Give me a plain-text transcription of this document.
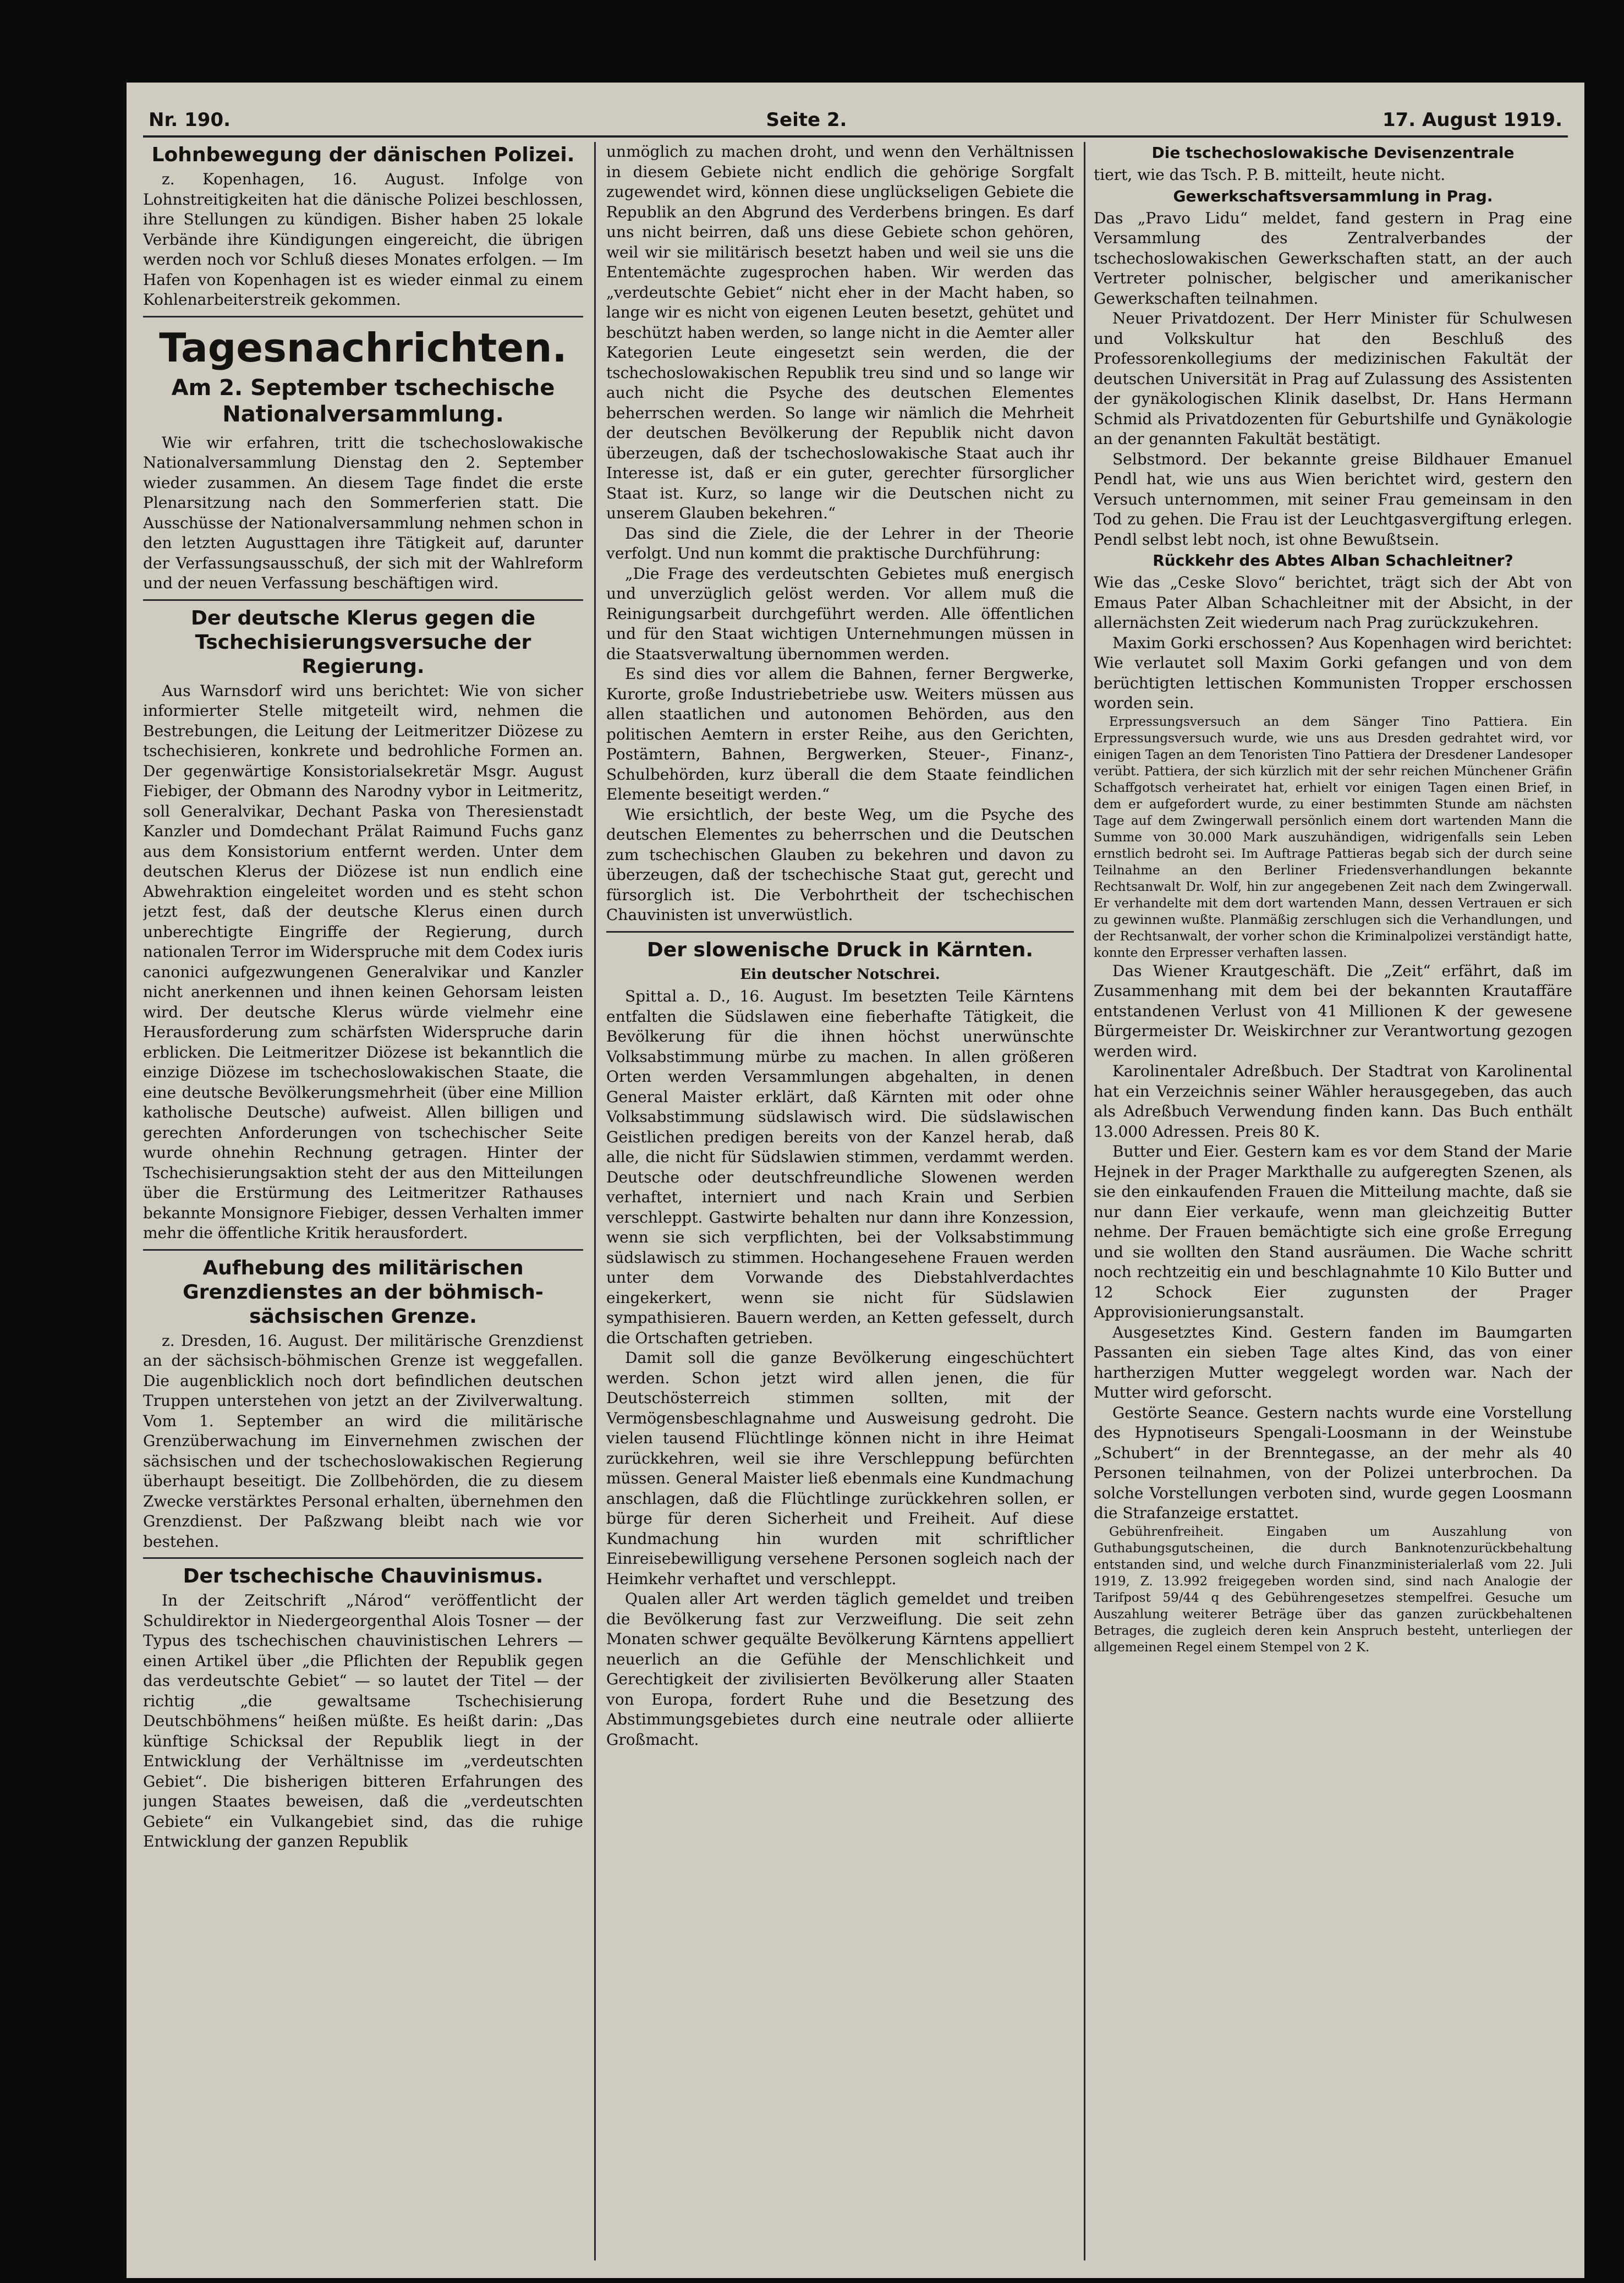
Nr. 190.	Seite 2.	17. August 1919.
Lohnbewegung der dänischen Polizei.

z. Kopenhagen, 16. August. Infolge von Lohnstreitigkeiten hat die dänische Polizei beschlossen, ihre Stellungen zu kündigen. Bisher haben 25 lokale Verbände ihre Kündigungen eingereicht, die übrigen werden noch vor Schluß dieses Monates erfolgen. — Im Hafen von Kopenhagen ist es wieder einmal zu einem Kohlenarbeiterstreik gekommen.

Tagesnachrichten.
Am 2. September tschechische Nationalversammlung.

Wie wir erfahren, tritt die tschechoslowakische Nationalversammlung Dienstag den 2. September wieder zusammen. An diesem Tage findet die erste Plenarsitzung nach den Sommerferien statt. Die Ausschüsse der Nationalversammlung nehmen schon in den letzten Augusttagen ihre Tätigkeit auf, darunter der Verfassungsausschuß, der sich mit der Wahlreform und der neuen Verfassung beschäftigen wird.

Der deutsche Klerus gegen die Tschechisierungsversuche der Regierung.

Aus Warnsdorf wird uns berichtet: Wie von sicher informierter Stelle mitgeteilt wird, nehmen die Bestrebungen, die Leitung der Leitmeritzer Diözese zu tschechisieren, konkrete und bedrohliche Formen an. Der gegenwärtige Konsistorialsekretär Msgr. August Fiebiger, der Obmann des Narodny vybor in Leitmeritz, soll Generalvikar, Dechant Paska von Theresienstadt Kanzler und Domdechant Prälat Raimund Fuchs ganz aus dem Konsistorium entfernt werden. Unter dem deutschen Klerus der Diözese ist nun endlich eine Abwehraktion eingeleitet worden und es steht schon jetzt fest, daß der deutsche Klerus einen durch unberechtigte Eingriffe der Regierung, durch nationalen Terror im Widerspruche mit dem Codex iuris canonici aufgezwungenen Generalvikar und Kanzler nicht anerkennen und ihnen keinen Gehorsam leisten wird. Der deutsche Klerus würde vielmehr eine Herausforderung zum schärfsten Widerspruche darin erblicken. Die Leitmeritzer Diözese ist bekanntlich die einzige Diözese im tschechoslowakischen Staate, die eine deutsche Bevölkerungsmehrheit (über eine Million katholische Deutsche) aufweist. Allen billigen und gerechten Anforderungen von tschechischer Seite wurde ohnehin Rechnung getragen. Hinter der Tschechisierungsaktion steht der aus den Mitteilungen über die Erstürmung des Leitmeritzer Rathauses bekannte Monsignore Fiebiger, dessen Verhalten immer mehr die öffentliche Kritik herausfordert.

Aufhebung des militärischen Grenzdienstes an der böhmisch-sächsischen Grenze.

z. Dresden, 16. August. Der militärische Grenzdienst an der sächsisch-böhmischen Grenze ist weggefallen. Die augenblicklich noch dort befindlichen deutschen Truppen unterstehen von jetzt an der Zivilverwaltung. Vom 1. September an wird die militärische Grenzüberwachung im Einvernehmen zwischen der sächsischen und der tschechoslowakischen Regierung überhaupt beseitigt. Die Zollbehörden, die zu diesem Zwecke verstärktes Personal erhalten, übernehmen den Grenzdienst. Der Paßzwang bleibt nach wie vor bestehen.

Der tschechische Chauvinismus.

In der Zeitschrift „Národ“ veröffentlicht der Schuldirektor in Niedergeorgenthal Alois Tosner — der Typus des tschechischen chauvinistischen Lehrers — einen Artikel über „die Pflichten der Republik gegen das verdeutschte Gebiet“ — so lautet der Titel — der richtig „die gewaltsame Tschechisierung Deutschböhmens“ heißen müßte. Es heißt darin: „Das künftige Schicksal der Republik liegt in der Entwicklung der Verhältnisse im „verdeutschten Gebiet“. Die bisherigen bitteren Erfahrungen des jungen Staates beweisen, daß die „verdeutschten Gebiete“ ein Vulkangebiet sind, das die ruhige Entwicklung der ganzen Republik

unmöglich zu machen droht, und wenn den Verhältnissen in diesem Gebiete nicht endlich die gehörige Sorgfalt zugewendet wird, können diese unglückseligen Gebiete die Republik an den Abgrund des Verderbens bringen. Es darf uns nicht beirren, daß uns diese Gebiete schon gehören, weil wir sie militärisch besetzt haben und weil sie uns die Ententemächte zugesprochen haben. Wir werden das „verdeutschte Gebiet“ nicht eher in der Macht haben, so lange wir es nicht von eigenen Leuten besetzt, gehütet und beschützt haben werden, so lange nicht in die Aemter aller Kategorien Leute eingesetzt sein werden, die der tschechoslowakischen Republik treu sind und so lange wir auch nicht die Psyche des deutschen Elementes beherrschen werden. So lange wir nämlich die Mehrheit der deutschen Bevölkerung der Republik nicht davon überzeugen, daß der tschechoslowakische Staat auch ihr Interesse ist, daß er ein guter, gerechter fürsorglicher Staat ist. Kurz, so lange wir die Deutschen nicht zu unserem Glauben bekehren.“

Das sind die Ziele, die der Lehrer in der Theorie verfolgt. Und nun kommt die praktische Durchführung:

„Die Frage des verdeutschten Gebietes muß energisch und unverzüglich gelöst werden. Vor allem muß die Reinigungsarbeit durchgeführt werden. Alle öffentlichen und für den Staat wichtigen Unternehmungen müssen in die Staatsverwaltung übernommen werden.

Es sind dies vor allem die Bahnen, ferner Bergwerke, Kurorte, große Industriebetriebe usw. Weiters müssen aus allen staatlichen und autonomen Behörden, aus den politischen Aemtern in erster Reihe, aus den Gerichten, Postämtern, Bahnen, Bergwerken, Steuer-, Finanz-, Schulbehörden, kurz überall die dem Staate feindlichen Elemente beseitigt werden.“

Wie ersichtlich, der beste Weg, um die Psyche des deutschen Elementes zu beherrschen und die Deutschen zum tschechischen Glauben zu bekehren und davon zu überzeugen, daß der tschechische Staat gut, gerecht und fürsorglich ist. Die Verbohrtheit der tschechischen Chauvinisten ist unverwüstlich.

Der slowenische Druck in Kärnten.
Ein deutscher Notschrei.

Spittal a. D., 16. August. Im besetzten Teile Kärntens entfalten die Südslawen eine fieberhafte Tätigkeit, die Bevölkerung für die ihnen höchst unerwünschte Volksabstimmung mürbe zu machen. In allen größeren Orten werden Versammlungen abgehalten, in denen General Maister erklärt, daß Kärnten mit oder ohne Volksabstimmung südslawisch wird. Die südslawischen Geistlichen predigen bereits von der Kanzel herab, daß alle, die nicht für Südslawien stimmen, verdammt werden. Deutsche oder deutschfreundliche Slowenen werden verhaftet, interniert und nach Krain und Serbien verschleppt. Gastwirte behalten nur dann ihre Konzession, wenn sie sich verpflichten, bei der Volksabstimmung südslawisch zu stimmen. Hochangesehene Frauen werden unter dem Vorwande des Diebstahlverdachtes eingekerkert, wenn sie nicht für Südslawien sympathisieren. Bauern werden, an Ketten gefesselt, durch die Ortschaften getrieben.

Damit soll die ganze Bevölkerung eingeschüchtert werden. Schon jetzt wird allen jenen, die für Deutschösterreich stimmen sollten, mit der Vermögensbeschlagnahme und Ausweisung gedroht. Die vielen tausend Flüchtlinge können nicht in ihre Heimat zurückkehren, weil sie ihre Verschleppung befürchten müssen. General Maister ließ ebenmals eine Kundmachung anschlagen, daß die Flüchtlinge zurückkehren sollen, er bürge für deren Sicherheit und Freiheit. Auf diese Kundmachung hin wurden mit schriftlicher Einreisebewilligung versehene Personen sogleich nach der Heimkehr verhaftet und verschleppt.

Qualen aller Art werden täglich gemeldet und treiben die Bevölkerung fast zur Verzweiflung. Die seit zehn Monaten schwer gequälte Bevölkerung Kärntens appelliert neuerlich an die Gefühle der Menschlichkeit und Gerechtigkeit der zivilisierten Bevölkerung aller Staaten von Europa, fordert Ruhe und die Besetzung des Abstimmungsgebietes durch eine neutrale oder alliierte Großmacht.

Die tschechoslowakische Devisenzentrale

tiert, wie das Tsch. P. B. mitteilt, heute nicht.

Gewerkschaftsversammlung in Prag.

Das „Pravo Lidu“ meldet, fand gestern in Prag eine Versammlung des Zentralverbandes der tschechoslowakischen Gewerkschaften statt, an der auch Vertreter polnischer, belgischer und amerikanischer Gewerkschaften teilnahmen.

Neuer Privatdozent. Der Herr Minister für Schulwesen und Volkskultur hat den Beschluß des Professorenkollegiums der medizinischen Fakultät der deutschen Universität in Prag auf Zulassung des Assistenten der gynäkologischen Klinik daselbst, Dr. Hans Hermann Schmid als Privatdozenten für Geburtshilfe und Gynäkologie an der genannten Fakultät bestätigt.

Selbstmord. Der bekannte greise Bildhauer Emanuel Pendl hat, wie uns aus Wien berichtet wird, gestern den Versuch unternommen, mit seiner Frau gemeinsam in den Tod zu gehen. Die Frau ist der Leuchtgasvergiftung erlegen. Pendl selbst lebt noch, ist ohne Bewußtsein.

Rückkehr des Abtes Alban Schachleitner?

Wie das „Ceske Slovo“ berichtet, trägt sich der Abt von Emaus Pater Alban Schachleitner mit der Absicht, in der allernächsten Zeit wiederum nach Prag zurückzukehren.

Maxim Gorki erschossen? Aus Kopenhagen wird berichtet: Wie verlautet soll Maxim Gorki gefangen und von dem berüchtigten lettischen Kommunisten Tropper erschossen worden sein.

Erpressungsversuch an dem Sänger Tino Pattiera. Ein Erpressungsversuch wurde, wie uns aus Dresden gedrahtet wird, vor einigen Tagen an dem Tenoristen Tino Pattiera der Dresdener Landesoper verübt. Pattiera, der sich kürzlich mit der sehr reichen Münchener Gräfin Schaffgotsch verheiratet hat, erhielt vor einigen Tagen einen Brief, in dem er aufgefordert wurde, zu einer bestimmten Stunde am nächsten Tage auf dem Zwingerwall persönlich einem dort wartenden Mann die Summe von 30.000 Mark auszuhändigen, widrigenfalls sein Leben ernstlich bedroht sei. Im Auftrage Pattieras begab sich der durch seine Teilnahme an den Berliner Friedensverhandlungen bekannte Rechtsanwalt Dr. Wolf, hin zur angegebenen Zeit nach dem Zwingerwall. Er verhandelte mit dem dort wartenden Mann, dessen Vertrauen er sich zu gewinnen wußte. Planmäßig zerschlugen sich die Verhandlungen, und der Rechtsanwalt, der vorher schon die Kriminalpolizei verständigt hatte, konnte den Erpresser verhaften lassen.

Das Wiener Krautgeschäft. Die „Zeit“ erfährt, daß im Zusammenhang mit dem bei der bekannten Krautaffäre entstandenen Verlust von 41 Millionen K der gewesene Bürgermeister Dr. Weiskirchner zur Verantwortung gezogen werden wird.

Karolinentaler Adreßbuch. Der Stadtrat von Karolinental hat ein Verzeichnis seiner Wähler herausgegeben, das auch als Adreßbuch Verwendung finden kann. Das Buch enthält 13.000 Adressen. Preis 80 K.

Butter und Eier. Gestern kam es vor dem Stand der Marie Hejnek in der Prager Markthalle zu aufgeregten Szenen, als sie den einkaufenden Frauen die Mitteilung machte, daß sie nur dann Eier verkaufe, wenn man gleichzeitig Butter nehme. Der Frauen bemächtigte sich eine große Erregung und sie wollten den Stand ausräumen. Die Wache schritt noch rechtzeitig ein und beschlagnahmte 10 Kilo Butter und 12 Schock Eier zugunsten der Prager Approvisionierungsanstalt.

Ausgesetztes Kind. Gestern fanden im Baumgarten Passanten ein sieben Tage altes Kind, das von einer hartherzigen Mutter weggelegt worden war. Nach der Mutter wird geforscht.

Gestörte Seance. Gestern nachts wurde eine Vorstellung des Hypnotiseurs Spengali-Loosmann in der Weinstube „Schubert“ in der Brenntegasse, an der mehr als 40 Personen teilnahmen, von der Polizei unterbrochen. Da solche Vorstellungen verboten sind, wurde gegen Loosmann die Strafanzeige erstattet.

Gebührenfreiheit. Eingaben um Auszahlung von Guthabungsgutscheinen, die durch Banknotenzurückbehaltung entstanden sind, und welche durch Finanzministerialerlaß vom 22. Juli 1919, Z. 13.992 freigegeben worden sind, sind nach Analogie der Tarifpost 59/44 q des Gebührengesetzes stempelfrei. Gesuche um Auszahlung weiterer Beträge über das ganzen zurückbehaltenen Betrages, die zugleich deren kein Anspruch besteht, unterliegen der allgemeinen Regel einem Stempel von 2 K.
